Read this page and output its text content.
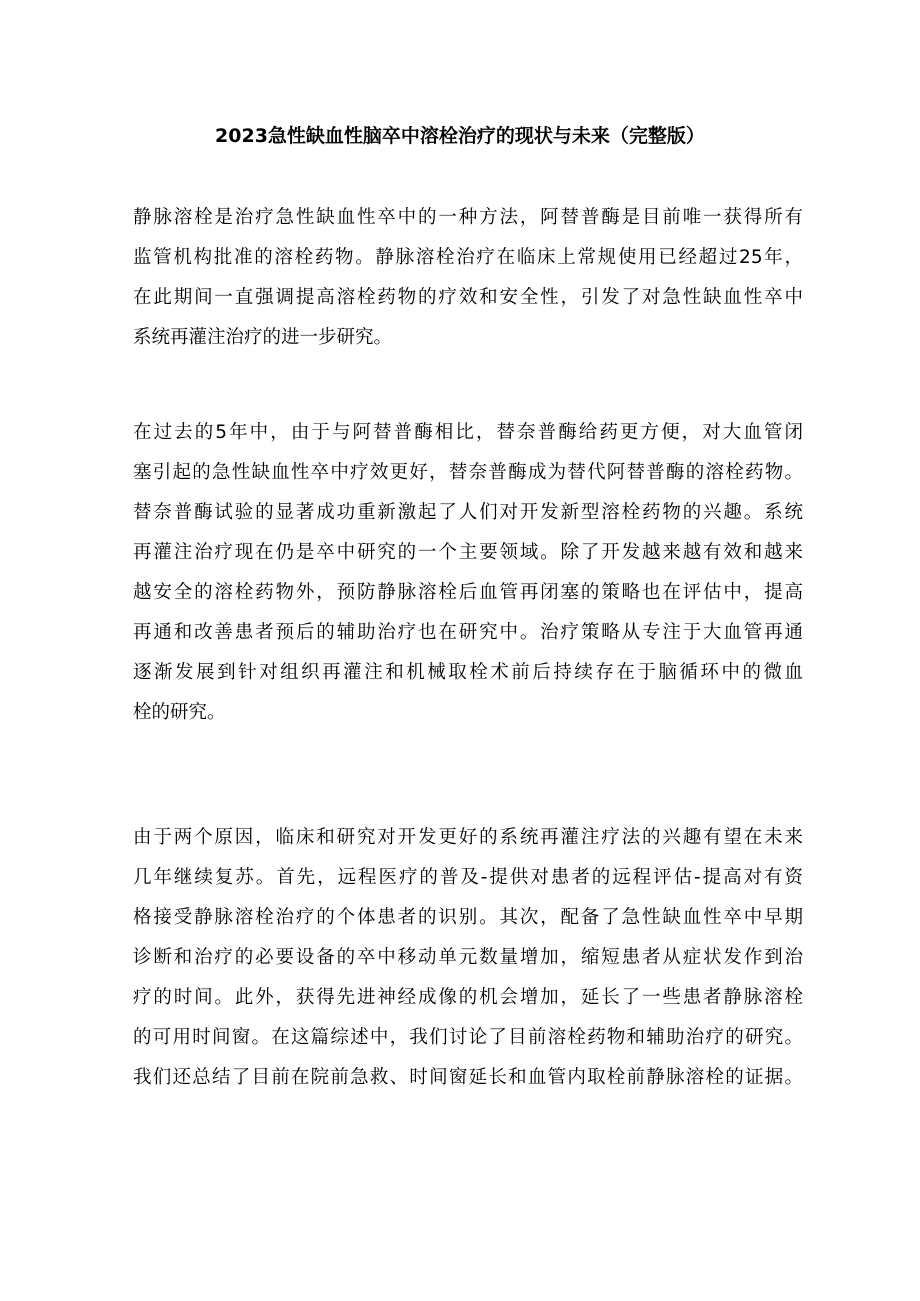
2023急性缺血性脑卒中溶栓治疗的现状与未来（完整版）
静脉溶栓是治疗急性缺血性卒中的一种方法，阿替普酶是目前唯一获得所有
监管机构批准的溶栓药物。静脉溶栓治疗在临床上常规使用已经超过25年，
在此期间一直强调提高溶栓药物的疗效和安全性，引发了对急性缺血性卒中
系统再灌注治疗的进一步研究。
在过去的5年中，由于与阿替普酶相比，替奈普酶给药更方便，对大血管闭
塞引起的急性缺血性卒中疗效更好，替奈普酶成为替代阿替普酶的溶栓药物。
替奈普酶试验的显著成功重新激起了人们对开发新型溶栓药物的兴趣。系统
再灌注治疗现在仍是卒中研究的一个主要领域。除了开发越来越有效和越来
越安全的溶栓药物外，预防静脉溶栓后血管再闭塞的策略也在评估中，提高
再通和改善患者预后的辅助治疗也在研究中。治疗策略从专注于大血管再通
逐渐发展到针对组织再灌注和机械取栓术前后持续存在于脑循环中的微血
栓的研究。
由于两个原因，临床和研究对开发更好的系统再灌注疗法的兴趣有望在未来
几年继续复苏。首先，远程医疗的普及-提供对患者的远程评估-提高对有资
格接受静脉溶栓治疗的个体患者的识别。其次，配备了急性缺血性卒中早期
诊断和治疗的必要设备的卒中移动单元数量增加，缩短患者从症状发作到治
疗的时间。此外，获得先进神经成像的机会增加，延长了一些患者静脉溶栓
的可用时间窗。在这篇综述中，我们讨论了目前溶栓药物和辅助治疗的研究。
我们还总结了目前在院前急救、时间窗延长和血管内取栓前静脉溶栓的证据。
